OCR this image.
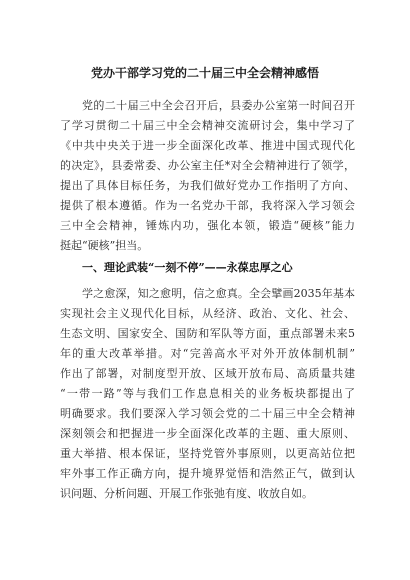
党办干部学习党的二十届三中全会精神感悟
党的二十届三中全会召开后，县委办公室第一时间召开
了学习贯彻二十届三中全会精神交流研讨会，集中学习了
《中共中央关于进一步全面深化改革、推进中国式现代化
的决定》，县委常委、办公室主任*对全会精神进行了领学，
提出了具体目标任务，为我们做好党办工作指明了方向、
提供了根本遵循。作为一名党办干部，我将深入学习领会
三中全会精神，锤炼内功，强化本领，锻造“硬核”能力
挺起“硬核”担当。
一、理论武装“一刻不停”——永葆忠厚之心
学之愈深，知之愈明，信之愈真。全会擘画2035年基本
实现社会主义现代化目标，从经济、政治、文化、社会、
生态文明、国家安全、国防和军队等方面，重点部署未来5
年的重大改革举措。对“完善高水平对外开放体制机制”
作出了部署，对制度型开放、区域开放布局、高质量共建
“一带一路”等与我们工作息息相关的业务板块都提出了
明确要求。我们要深入学习领会党的二十届三中全会精神
深刻领会和把握进一步全面深化改革的主题、重大原则、
重大举措、根本保证，坚持党管外事原则，以更高站位把
牢外事工作正确方向，提升境界觉悟和浩然正气，做到认
识问题、分析问题、开展工作张弛有度、收放自如。
